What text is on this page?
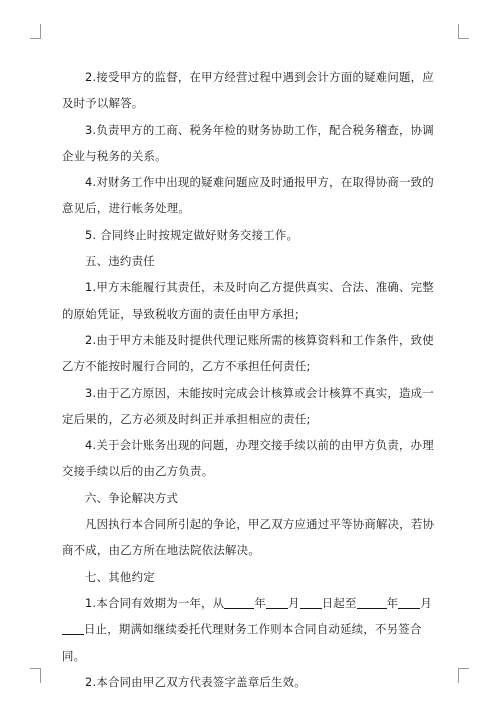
2.接受甲方的监督，在甲方经营过程中遇到会计方面的疑难问题，应及时予以解答。

3.负责甲方的工商、税务年检的财务协助工作，配合税务稽查，协调企业与税务的关系。

4.对财务工作中出现的疑难问题应及时通报甲方，在取得协商一致的意见后，进行帐务处理。

5. 合同终止时按规定做好财务交接工作。

五、违约责任

1.甲方未能履行其责任，未及时向乙方提供真实、合法、准确、完整的原始凭证，导致税收方面的责任由甲方承担;

2.由于甲方未能及时提供代理记账所需的核算资料和工作条件，致使乙方不能按时履行合同的，乙方不承担任何责任;

3.由于乙方原因，未能按时完成会计核算或会计核算不真实，造成一定后果的，乙方必须及时纠正并承担相应的责任;

4.关于会计账务出现的问题，办理交接手续以前的由甲方负责，办理交接手续以后的由乙方负责。

六、争论解决方式

凡因执行本合同所引起的争论，甲乙双方应通过平等协商解决，若协商不成，由乙方所在地法院依法解决。

七、其他约定

1.本合同有效期为一年，从	年 月 日起至	年 月日止，期满如继续委托代理财务工作则本合同自动延续，不另签合同。

2.本合同由甲乙双方代表签字盖章后生效。
